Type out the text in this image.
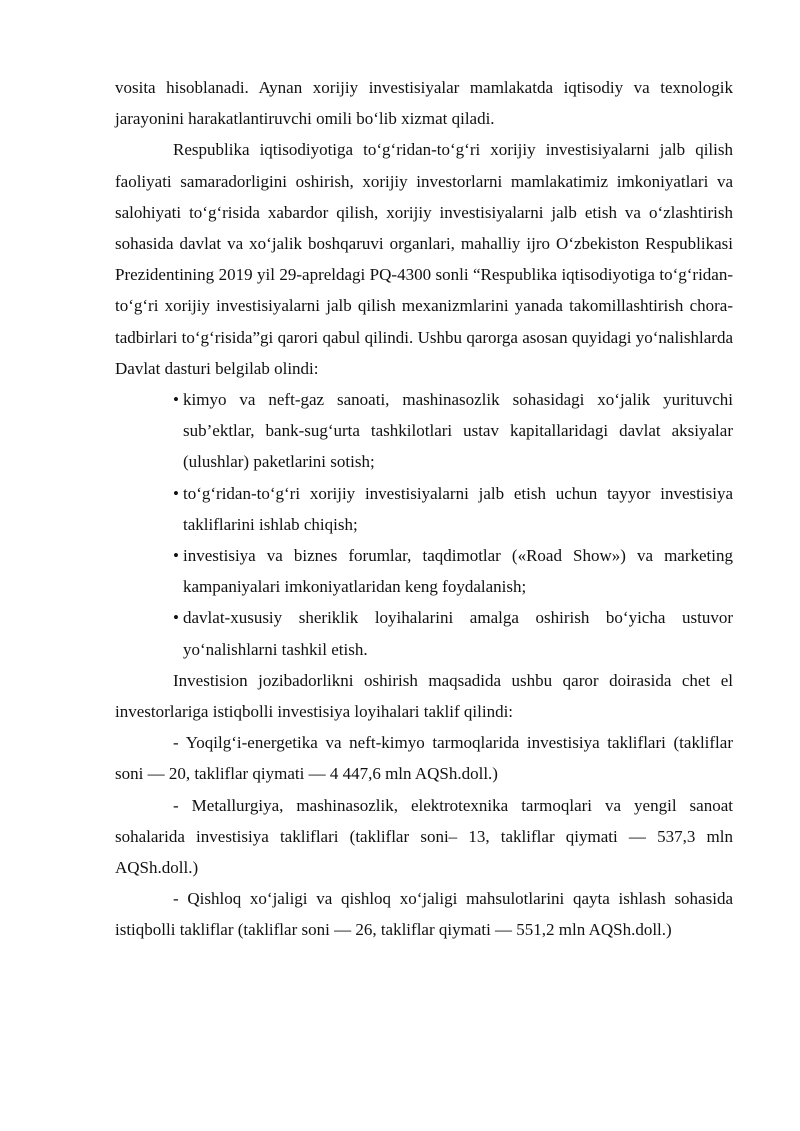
vosita hisoblanadi. Aynan xorijiy investisiyalar mamlakatda iqtisodiy va texnologik jarayonini harakatlantiruvchi omili bo‘lib xizmat qiladi.

Respublika iqtisodiyotiga to‘g‘ridan-to‘g‘ri xorijiy investisiyalarni jalb qilish faoliyati samaradorligini oshirish, xorijiy investorlarni mamlakatimiz imkoniyatlari va salohiyati to‘g‘risida xabardor qilish, xorijiy investisiyalarni jalb etish va o‘zlashtirish sohasida davlat va xo‘jalik boshqaruvi organlari, mahalliy ijro O‘zbekiston Respublikasi Prezidentining 2019 yil 29-apreldagi PQ-4300 sonli “Respublika iqtisodiyotiga to‘g‘ridan-to‘g‘ri xorijiy investisiyalarni jalb qilish mexanizmlarini yanada takomillashtirish chora-tadbirlari to‘g‘risida”gi qarori qabul qilindi. Ushbu qarorga asosan quyidagi yo‘nalishlarda Davlat dasturi belgilab olindi:

• kimyo va neft-gaz sanoati, mashinasozlik sohasidagi xo‘jalik yurituvchi sub’ektlar, bank-sug‘urta tashkilotlari ustav kapitallaridagi davlat aksiyalar (ulushlar) paketlarini sotish;
• to‘g‘ridan-to‘g‘ri xorijiy investisiyalarni jalb etish uchun tayyor investisiya takliflarini ishlab chiqish;
• investisiya va biznes forumlar, taqdimotlar («Road Show») va marketing kampaniyalari imkoniyatlaridan keng foydalanish;
• davlat-xususiy sheriklik loyihalarini amalga oshirish bo‘yicha ustuvor yo‘nalishlarni tashkil etish.

Investision jozibadorlikni oshirish maqsadida ushbu qaror doirasida chet el investorlariga istiqbolli investisiya loyihalari taklif qilindi:

- Yoqilg‘i-energetika va neft-kimyo tarmoqlarida investisiya takliflari (takliflar soni — 20, takliflar qiymati — 4 447,6 mln AQSh.doll.)

- Metallurgiya, mashinasozlik, elektrotexnika tarmoqlari va yengil sanoat sohalarida investisiya takliflari (takliflar soni– 13, takliflar qiymati — 537,3 mln AQSh.doll.)

- Qishloq xo‘jaligi va qishloq xo‘jaligi mahsulotlarini qayta ishlash sohasida istiqbolli takliflar (takliflar soni — 26, takliflar qiymati — 551,2 mln AQSh.doll.)
